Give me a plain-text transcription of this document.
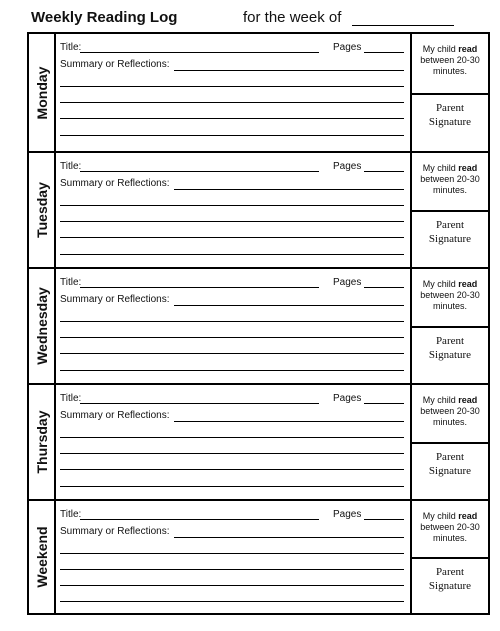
Weekly Reading Log	for the week of
Monday
Title:	Pages
Summary or Reflections:
My child read
between 20-30 minutes.
Parent
Signature
Tuesday
Title:	Pages
Summary or Reflections:
My child read
between 20-30 minutes.
Parent
Signature
Wednesday
Title:	Pages
Summary or Reflections:
My child read
between 20-30 minutes.
Parent
Signature
Thursday
Title:	Pages
Summary or Reflections:
My child read
between 20-30 minutes.
Parent
Signature
Weekend
Title:	Pages
Summary or Reflections:
My child read
between 20-30 minutes.
Parent
Signature
